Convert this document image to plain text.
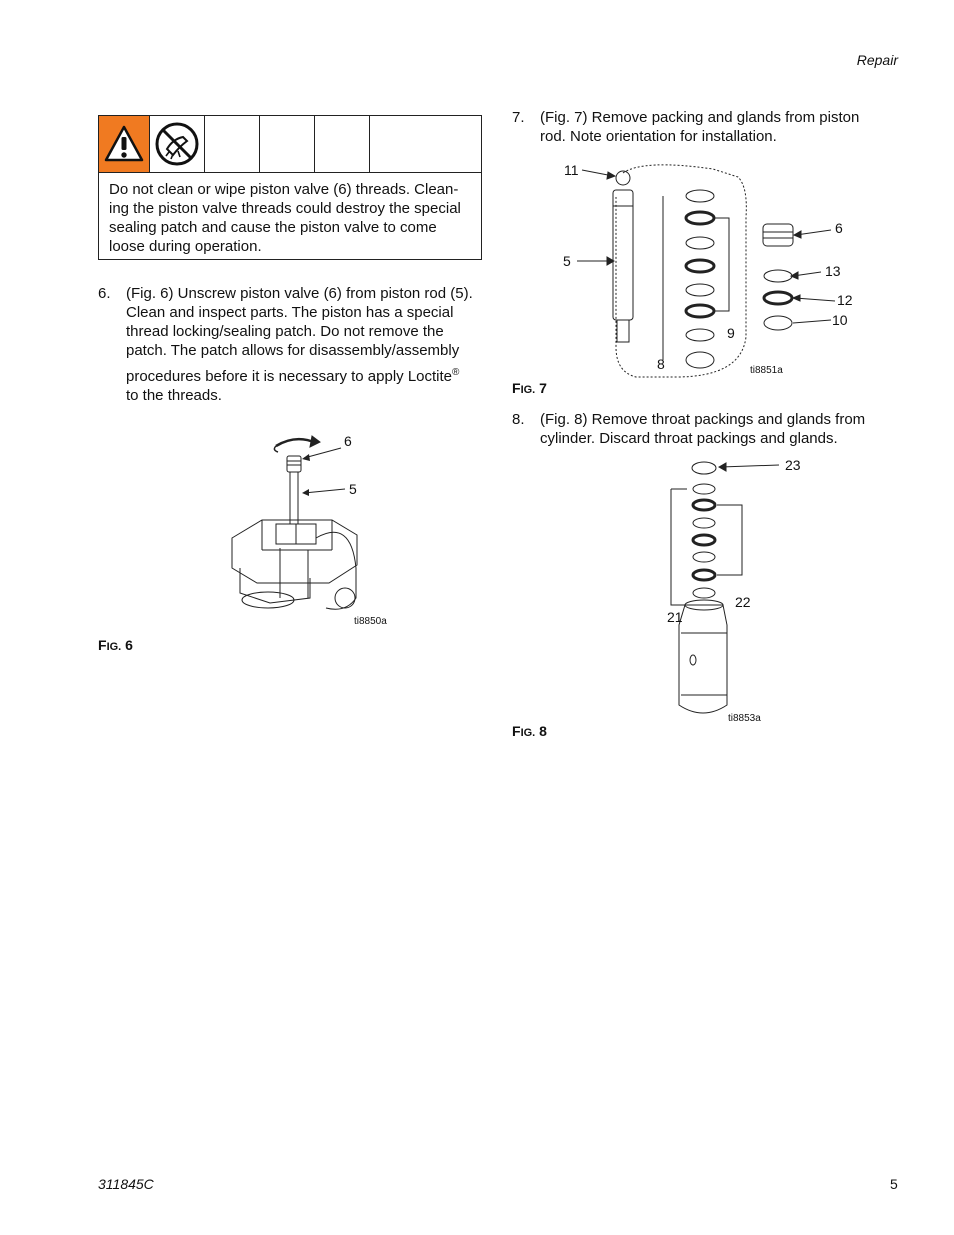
Repair
Do not clean or wipe piston valve (6) threads. Clean-
ing the piston valve threads could destroy the special
sealing patch and cause the piston valve to come
loose during operation.
6. (Fig. 6) Unscrew piston valve (6) from piston rod (5).
Clean and inspect parts. The piston has a special
thread locking/sealing patch. Do not remove the
patch. The patch allows for disassembly/assembly
procedures before it is necessary to apply Loctite®
to the threads.
6
5
ti8850a
FIG. 6
7. (Fig. 7) Remove packing and glands from piston
rod. Note orientation for installation.
11
5
6
13
12
10
9
8	ti8851a
FIG. 7
8. (Fig. 8) Remove throat packings and glands from
cylinder. Discard throat packings and glands.
23
22
21
ti8853a
FIG. 8
311845C	5
